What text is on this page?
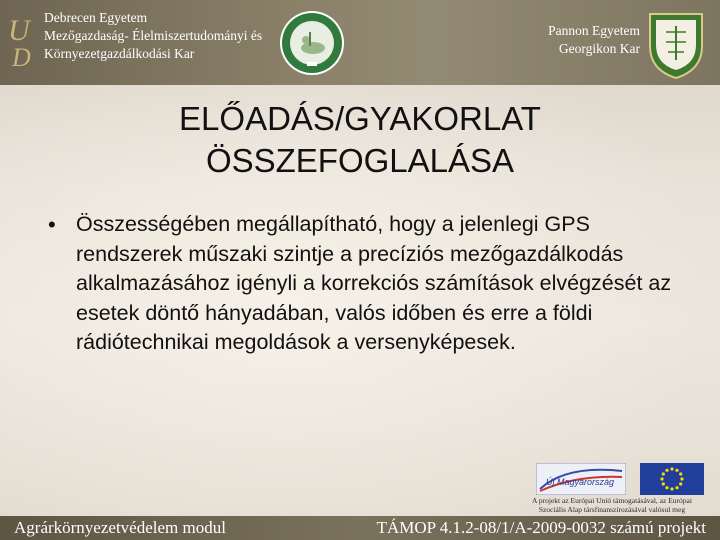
U
D
Debrecen Egyetem
Mezőgazdaság- Élelmiszertudományi és
Környezetgazdálkodási Kar
Pannon Egyetem
Georgikon Kar
ELŐADÁS/GYAKORLAT
ÖSSZEFOGLALÁSA
• Összességében megállapítható, hogy a jelenlegi GPS rendszerek műszaki szintje a precíziós mezőgazdálkodás alkalmazásához igényli a korrekciós számítások elvégzését az esetek döntő hányadában, valós időben és erre a földi rádiótechnikai megoldások a versenyképesek.
Új Magyarország
A projekt az Európai Unió támogatásával, az Európai
Szociális Alap társfinanszírozásával valósul meg
Agrárkörnyezetvédelem modul	TÁMOP 4.1.2-08/1/A-2009-0032 számú projekt
